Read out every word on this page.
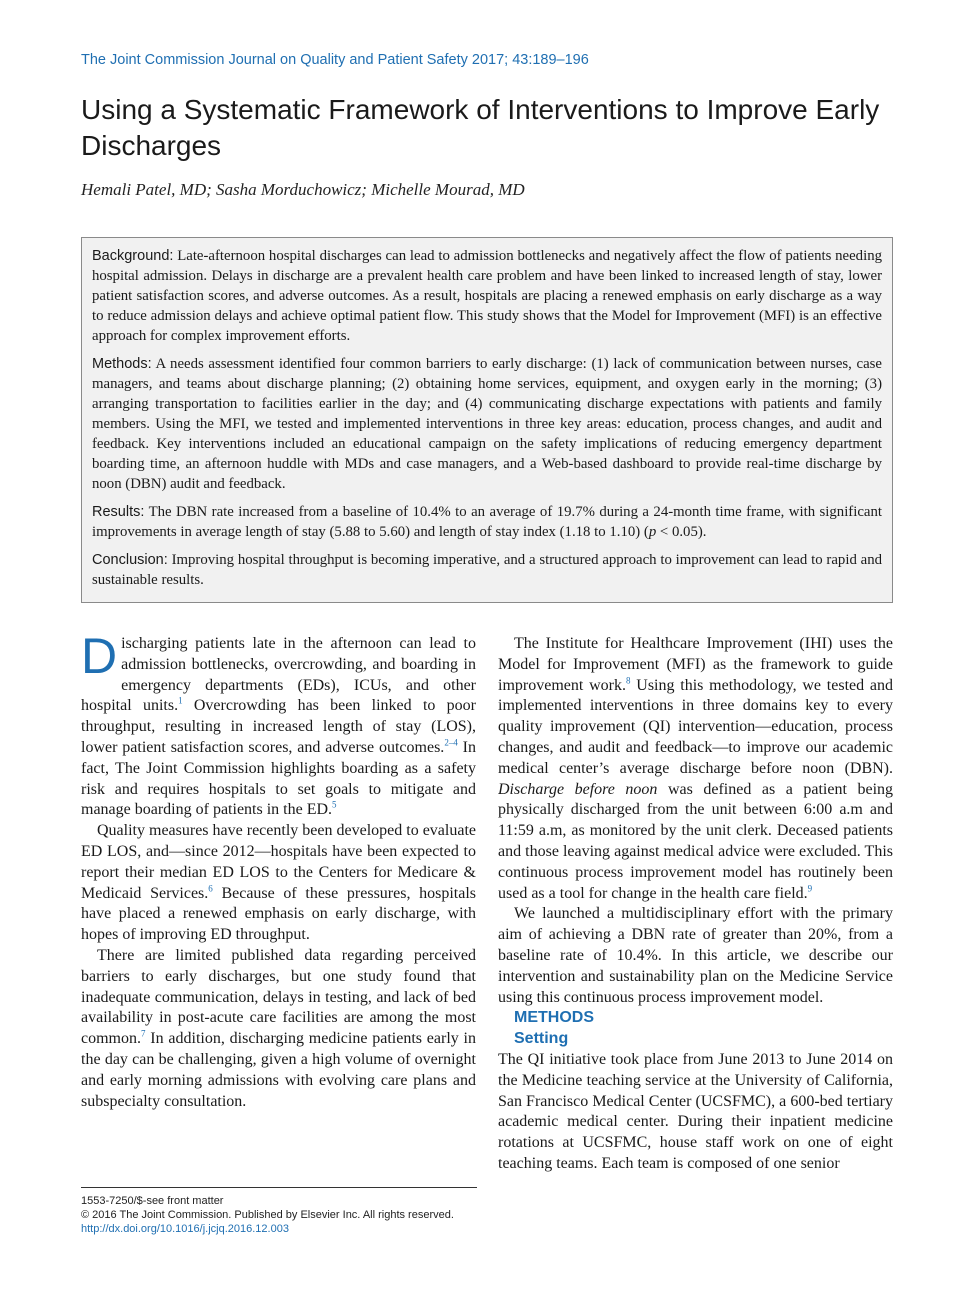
The Joint Commission Journal on Quality and Patient Safety 2017; 43:189–196
Using a Systematic Framework of Interventions to Improve Early Discharges
Hemali Patel, MD; Sasha Morduchowicz; Michelle Mourad, MD

Background: Late-afternoon hospital discharges can lead to admission bottlenecks and negatively affect the flow of patients needing hospital admission. Delays in discharge are a prevalent health care problem and have been linked to increased length of stay, lower patient satisfaction scores, and adverse outcomes. As a result, hospitals are placing a renewed emphasis on early discharge as a way to reduce admission delays and achieve optimal patient flow. This study shows that the Model for Improvement (MFI) is an effective approach for complex improvement efforts.

Methods: A needs assessment identified four common barriers to early discharge: (1) lack of communication between nurses, case managers, and teams about discharge planning; (2) obtaining home services, equipment, and oxygen early in the morning; (3) arranging transportation to facilities earlier in the day; and (4) communicating discharge expectations with patients and family members. Using the MFI, we tested and implemented interventions in three key areas: education, process changes, and audit and feedback. Key interventions included an educational campaign on the safety implications of reducing emergency department boarding time, an afternoon huddle with MDs and case managers, and a Web-based dashboard to provide real-time discharge by noon (DBN) audit and feedback.

Results: The DBN rate increased from a baseline of 10.4% to an average of 19.7% during a 24-month time frame, with significant improvements in average length of stay (5.88 to 5.60) and length of stay index (1.18 to 1.10) (p < 0.05).

Conclusion: Improving hospital throughput is becoming imperative, and a structured approach to improvement can lead to rapid and sustainable results.

Discharging patients late in the afternoon can lead to admission bottlenecks, overcrowding, and boarding in emergency departments (EDs), ICUs, and other hospital units.$^1$ Overcrowding has been linked to poor throughput, resulting in increased length of stay (LOS), lower patient satisfaction scores, and adverse outcomes.$^{2-4}$ In fact, The Joint Commission highlights boarding as a safety risk and requires hospitals to set goals to mitigate and manage boarding of patients in the ED.$^5$

Quality measures have recently been developed to evaluate ED LOS, and—since 2012—hospitals have been expected to report their median ED LOS to the Centers for Medicare & Medicaid Services.$^6$ Because of these pressures, hospitals have placed a renewed emphasis on early discharge, with hopes of improving ED throughput.

There are limited published data regarding perceived barriers to early discharges, but one study found that inadequate communication, delays in testing, and lack of bed availability in post-acute care facilities are among the most common.$^7$ In addition, discharging medicine patients early in the day can be challenging, given a high volume of overnight and early morning admissions with evolving care plans and subspecialty consultation.

The Institute for Healthcare Improvement (IHI) uses the Model for Improvement (MFI) as the framework to guide improvement work.$^8$ Using this methodology, we tested and implemented interventions in three domains key to every quality improvement (QI) intervention—education, process changes, and audit and feedback—to improve our academic medical center’s average discharge before noon (DBN). Discharge before noon was defined as a patient being physically discharged from the unit between 6:00 a.m and 11:59 a.m, as monitored by the unit clerk. Deceased patients and those leaving against medical advice were excluded. This continuous process improvement model has routinely been used as a tool for change in the health care field.$^9$

We launched a multidisciplinary effort with the primary aim of achieving a DBN rate of greater than 20%, from a baseline rate of 10.4%. In this article, we describe our intervention and sustainability plan on the Medicine Service using this continuous process improvement model.

METHODS

Setting

The QI initiative took place from June 2013 to June 2014 on the Medicine teaching service at the University of California, San Francisco Medical Center (UCSFMC), a 600-bed tertiary academic medical center. During their inpatient medicine rotations at UCSFMC, house staff work on one of eight teaching teams. Each team is composed of one senior

1553-7250/$-see front matter
© 2016 The Joint Commission. Published by Elsevier Inc. All rights reserved.
http://dx.doi.org/10.1016/j.jcjq.2016.12.003
